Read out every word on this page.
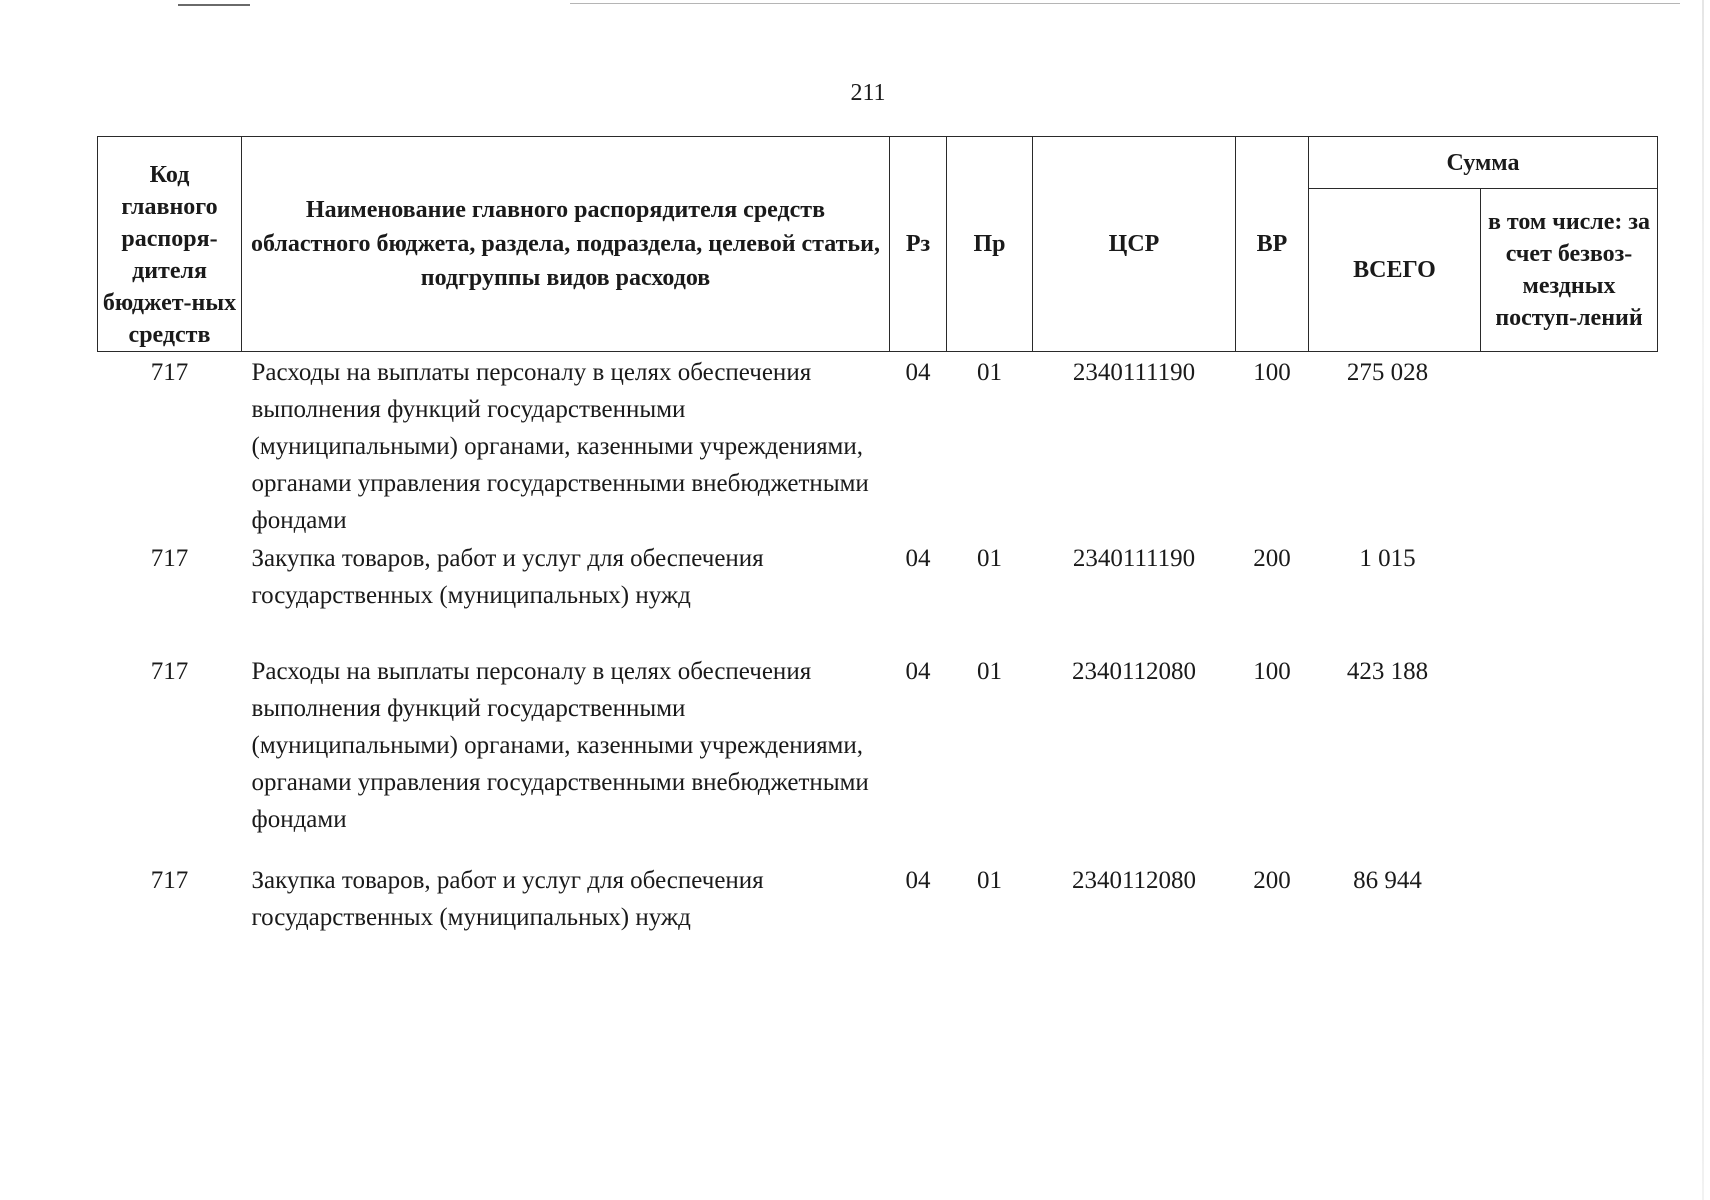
211
Код главного распоря-дителя бюджет-ных средств	Наименование главного распорядителя средств областного бюджета, раздела, подраздела, целевой статьи, подгруппы видов расходов	Рз	Пр	ЦСР	ВР	Сумма	
						ВСЕГО	в том числе: за счет безвоз-мездных поступ-лений
717	Расходы на выплаты персоналу в целях обеспечения выполнения функций государственными (муниципальными) органами, казенными учреждениями, органами управления государственными внебюджетными фондами	04	01	2340111190	100	275 028	
717	Закупка товаров, работ и услуг для обеспечения государственных (муниципальных) нужд	04	01	2340111190	200	1 015	
717	Расходы на выплаты персоналу в целях обеспечения выполнения функций государственными (муниципальными) органами, казенными учреждениями, органами управления государственными внебюджетными фондами	04	01	2340112080	100	423 188	
717	Закупка товаров, работ и услуг для обеспечения государственных (муниципальных) нужд	04	01	2340112080	200	86 944	
